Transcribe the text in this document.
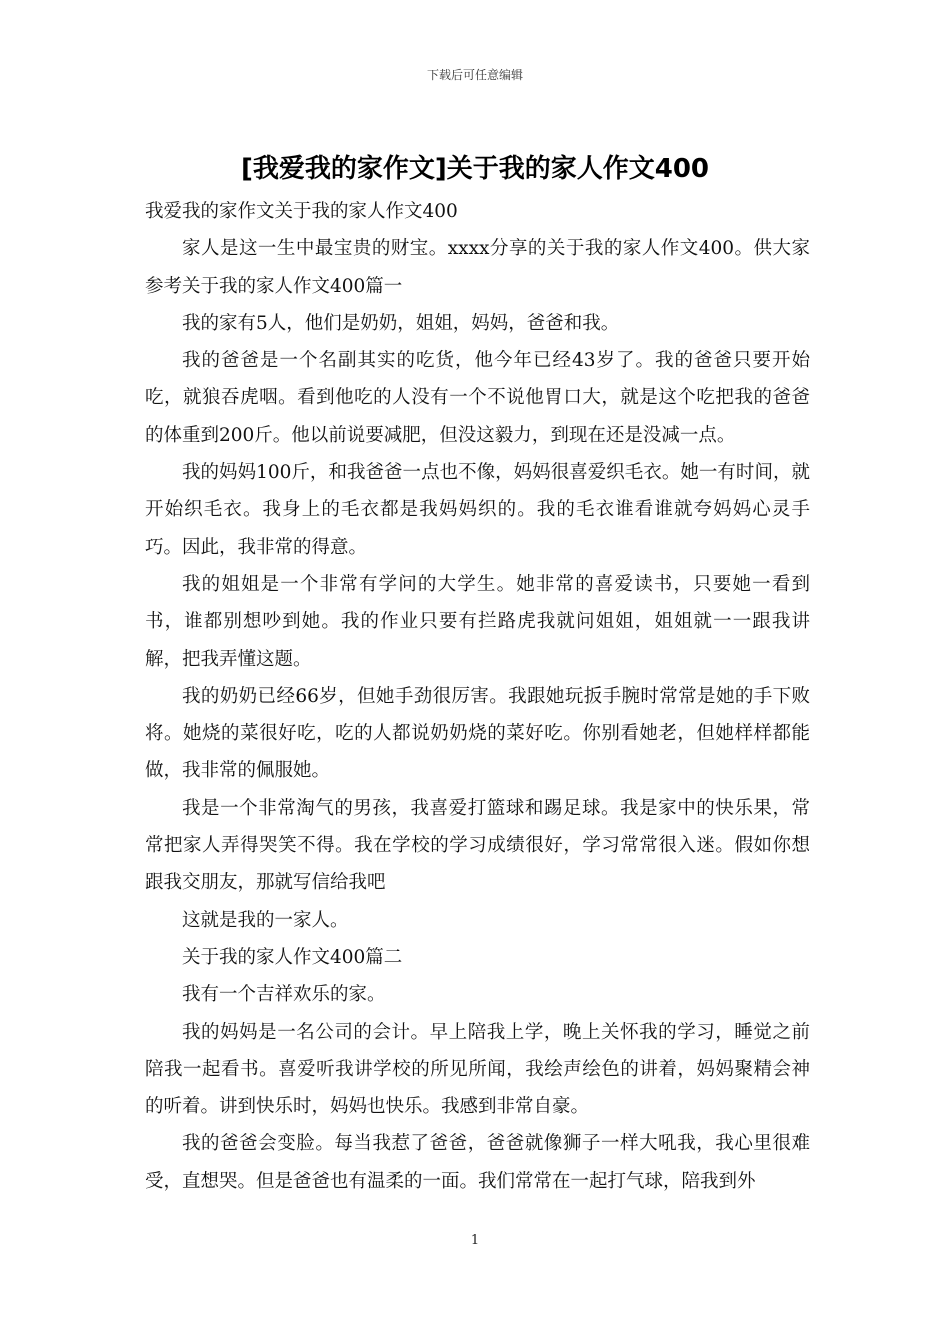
下载后可任意编辑
[我爱我的家作文]关于我的家人作文400

我爱我的家作文关于我的家人作文400

家人是这一生中最宝贵的财宝。xxxx分享的关于我的家人作文400。供大家参考关于我的家人作文400篇一

我的家有5人，他们是奶奶，姐姐，妈妈，爸爸和我。

我的爸爸是一个名副其实的吃货，他今年已经43岁了。我的爸爸只要开始吃，就狼吞虎咽。看到他吃的人没有一个不说他胃口大，就是这个吃把我的爸爸的体重到200斤。他以前说要减肥，但没这毅力，到现在还是没减一点。

我的妈妈100斤，和我爸爸一点也不像，妈妈很喜爱织毛衣。她一有时间，就开始织毛衣。我身上的毛衣都是我妈妈织的。我的毛衣谁看谁就夸妈妈心灵手巧。因此，我非常的得意。

我的姐姐是一个非常有学问的大学生。她非常的喜爱读书，只要她一看到书，谁都别想吵到她。我的作业只要有拦路虎我就问姐姐，姐姐就一一跟我讲解，把我弄懂这题。

我的奶奶已经66岁，但她手劲很厉害。我跟她玩扳手腕时常常是她的手下败将。她烧的菜很好吃，吃的人都说奶奶烧的菜好吃。你别看她老，但她样样都能做，我非常的佩服她。

我是一个非常淘气的男孩，我喜爱打篮球和踢足球。我是家中的快乐果，常常把家人弄得哭笑不得。我在学校的学习成绩很好，学习常常很入迷。假如你想跟我交朋友，那就写信给我吧

这就是我的一家人。

关于我的家人作文400篇二

我有一个吉祥欢乐的家。

我的妈妈是一名公司的会计。早上陪我上学，晚上关怀我的学习，睡觉之前陪我一起看书。喜爱听我讲学校的所见所闻，我绘声绘色的讲着，妈妈聚精会神的听着。讲到快乐时，妈妈也快乐。我感到非常自豪。

我的爸爸会变脸。每当我惹了爸爸，爸爸就像狮子一样大吼我，我心里很难受，直想哭。但是爸爸也有温柔的一面。我们常常在一起打气球，陪我到外

1
